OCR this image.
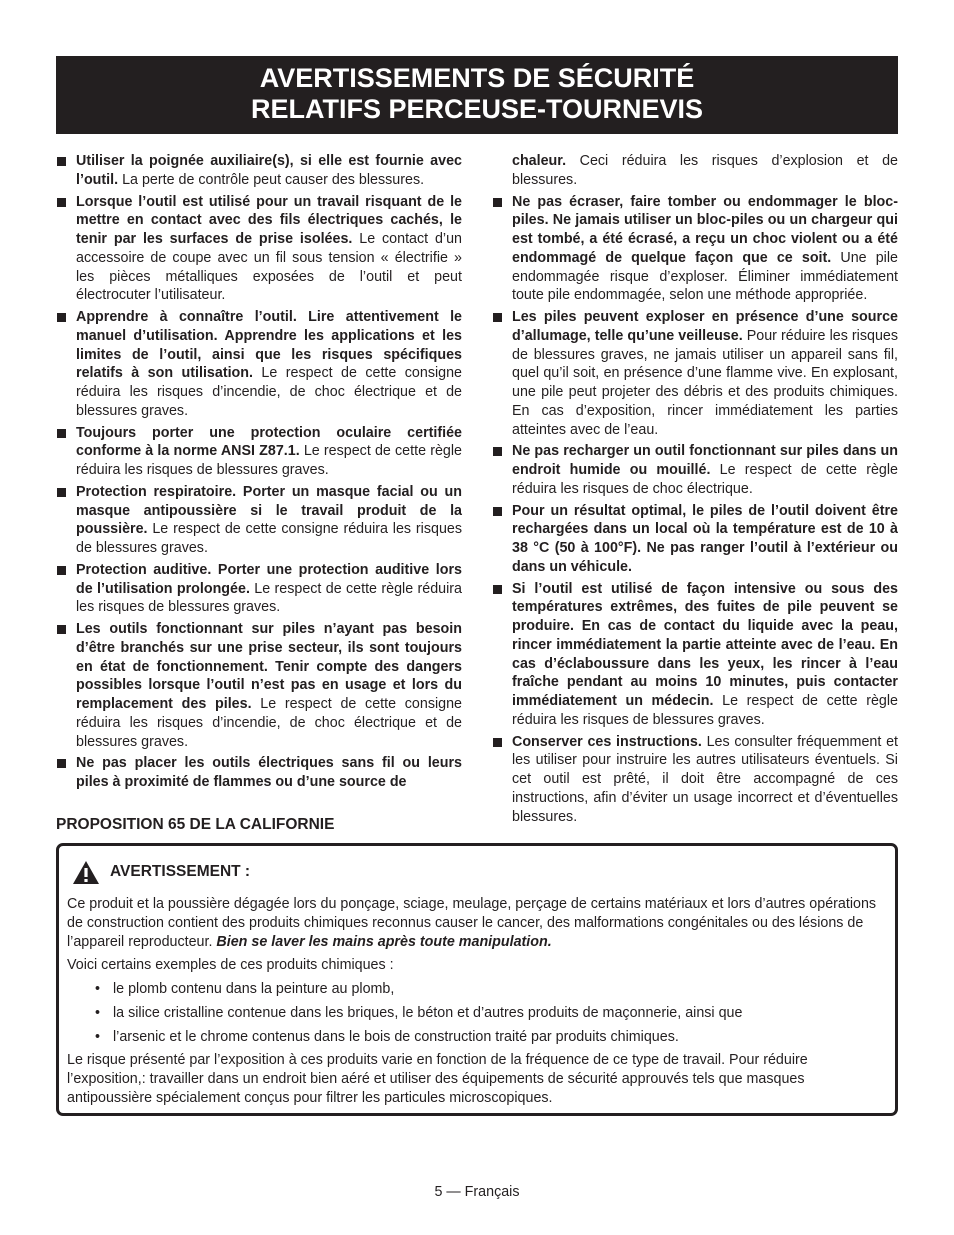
AVERTISSEMENTS DE SÉCURITÉ
RELATIFS PERCEUSE-TOURNEVIS
Utiliser la poignée auxiliaire(s), si elle est fournie avec l’outil. La perte de contrôle peut causer des blessures.
Lorsque l’outil est utilisé pour un travail risquant de le mettre en contact avec des fils électriques cachés, le tenir par les surfaces de prise isolées. Le contact d’un accessoire de coupe avec un fil sous tension « électrifie » les pièces métalliques exposées de l’outil et peut électrocuter l’utilisateur.
Apprendre à connaître l’outil. Lire attentivement le manuel d’utilisation. Apprendre les applications et les limites de l’outil, ainsi que les risques spécifiques relatifs à son utilisation. Le respect de cette consigne réduira les risques d’incendie, de choc électrique et de blessures graves.
Toujours porter une protection oculaire certifiée conforme à la norme ANSI Z87.1. Le respect de cette règle réduira les risques de blessures graves.
Protection respiratoire. Porter un masque facial ou un masque antipoussière si le travail produit de la poussière. Le respect de cette consigne réduira les risques de blessures graves.
Protection auditive. Porter une protection auditive lors de l’utilisation prolongée. Le respect de cette règle réduira les risques de blessures graves.
Les outils fonctionnant sur piles n’ayant pas besoin d’être branchés sur une prise secteur, ils sont toujours en état de fonctionnement. Tenir compte des dangers possibles lorsque l’outil n’est pas en usage et lors du remplacement des piles. Le respect de cette consigne réduira les risques d’incendie, de choc électrique et de blessures graves.
Ne pas placer les outils électriques sans fil ou leurs piles à proximité de flammes ou d’une source de
PROPOSITION 65 DE LA CALIFORNIE
chaleur. Ceci réduira les risques d’explosion et de blessures.
Ne pas écraser, faire tomber ou endommager le bloc-piles. Ne jamais utiliser un bloc-piles ou un chargeur qui est tombé, a été écrasé, a reçu un choc violent ou a été endommagé de quelque façon que ce soit. Une pile endommagée risque d’exploser. Éliminer immédiatement toute pile endommagée, selon une méthode appropriée.
Les piles peuvent exploser en présence d’une source d’allumage, telle qu’une veilleuse. Pour réduire les risques de blessures graves, ne jamais utiliser un appareil sans fil, quel qu’il soit, en présence d’une flamme vive. En explosant, une pile peut projeter des débris et des produits chimiques. En cas d’exposition, rincer immédiatement les parties atteintes avec de l’eau.
Ne pas recharger un outil fonctionnant sur piles dans un endroit humide ou mouillé. Le respect de cette règle réduira les risques de choc électrique.
Pour un résultat optimal, le piles de l’outil doivent être rechargées dans un local où la température est de 10 à 38 °C (50 à 100°F). Ne pas ranger l’outil à l’extérieur ou dans un véhicule.
Si l’outil est utilisé de façon intensive ou sous des températures extrêmes, des fuites de pile peuvent se produire. En cas de contact du liquide avec la peau, rincer immédiatement la partie atteinte avec de l’eau. En cas d’éclaboussure dans les yeux, les rincer à l’eau fraîche pendant au moins 10 minutes, puis contacter immédiatement un médecin. Le respect de cette règle réduira les risques de blessures graves.
Conserver ces instructions. Les consulter fréquemment et les utiliser pour instruire les autres utilisateurs éventuels. Si cet outil est prêté, il doit être accompagné de ces instructions, afin d’éviter un usage incorrect et d’éventuelles blessures.
AVERTISSEMENT :

Ce produit et la poussière dégagée lors du ponçage, sciage, meulage, perçage de certains matériaux et lors d’autres opérations de construction contient des produits chimiques reconnus causer le cancer, des malformations congénitales ou des lésions de l’appareil reproducteur. Bien se laver les mains après toute manipulation.

Voici certains exemples de ces produits chimiques :

• le plomb contenu dans la peinture au plomb,
• la silice cristalline contenue dans les briques, le béton et d’autres produits de maçonnerie, ainsi que
• l’arsenic et le chrome contenus dans le bois de construction traité par produits chimiques.

Le risque présenté par l’exposition à ces produits varie en fonction de la fréquence de ce type de travail. Pour réduire l’exposition,: travailler dans un endroit bien aéré et utiliser des équipements de sécurité approuvés tels que masques antipoussière spécialement conçus pour filtrer les particules microscopiques.

5 — Français
